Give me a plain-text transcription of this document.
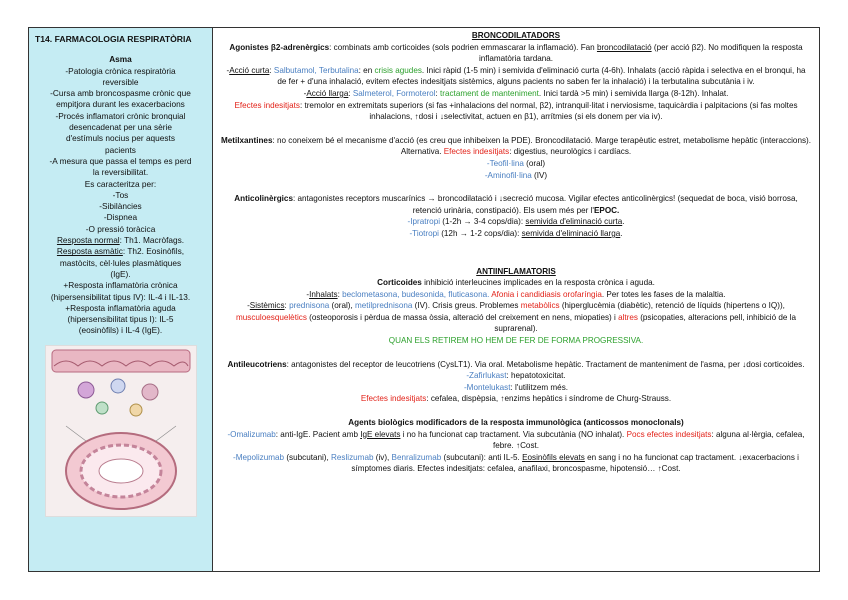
T14. FARMACOLOGIA RESPIRATÒRIA
Asma
-Patologia crònica respiratòria
reversible
-Cursa amb broncospasme crònic que
empitjora durant les exacerbacions
-Procés inflamatori crònic bronquial
desencadenat per una sèrie
d'estímuls nocius per aquests
pacients
-A mesura que passa el temps es perd
la reversibilitat.
Es caracteritza per:
-Tos
-Sibilàncies
-Dispnea
-O pressió toràcica
Resposta normal: Th1. Macròfags.
Resposta asmàtic: Th2. Eosinòfils,
mastòcits, cèl·lules plasmàtiques
(IgE).
+Resposta inflamatòria crònica
(hipersensibilitat tipus IV): IL-4 i IL-13.
+Resposta inflamatòria aguda
(hipersensibilitat tipus I): IL-5
(eosinòfils) i IL-4 (IgE).

BRONCODILATADORS

Agonistes β2-adrenèrgics: combinats amb corticoides (sols podrien emmascarar la inflamació). Fan broncodilatació (per acció β2). No modifiquen la resposta inflamatòria tardana.

-Acció curta: Salbutamol, Terbutalina: en crisis agudes. Inici ràpid (1-5 min) i semivida d'eliminació curta (4-6h). Inhalats (acció ràpida i selectiva en el bronqui, ha de fer + d'una inhalació, evitem efectes indesitjats sistèmics, alguns pacients no saben fer la inhalació) i la terbutalina subcutània i iv.

-Acció llarga: Salmeterol, Formoterol: tractament de manteniment. Inici tardà >5 min) i semivida llarga (8-12h). Inhalat.

Efectes indesitjats: tremolor en extremitats superiors (si fas +inhalacions del normal, β2), intranquil·litat i nerviosisme, taquicàrdia i palpitacions (si fas moltes inhalacions, ↑dosi i ↓selectivitat, actuen en β1), arrítmies (si els donem per via iv).

Metilxantines: no coneixem bé el mecanisme d'acció (es creu que inhibeixen la PDE). Broncodilatació. Marge terapèutic estret, metabolisme hepàtic (interaccions). Alternativa. Efectes indesitjats: digestius, neurològics i cardíacs.

-Teofil·lina (oral)

-Aminofil·lina (IV)

Anticolinèrgics: antagonistes receptors muscarínics → broncodilatació i ↓secreció mucosa. Vigilar efectes anticolinèrgics! (sequedat de boca, visió borrosa, retenció urinària, constipació). Els usem més per l'EPOC.

-Ipratropi (1-2h → 3-4 cops/dia): semivida d'eliminació curta.

-Tiotropi (12h → 1-2 cops/dia): semivida d'eliminació llarga.

ANTIINFLAMATORIS

Corticoides inhibició interleucines implicades en la resposta crònica i aguda.

-Inhalats: beclometasona, budesonida, fluticasona. Afonia i candidiasis orofaríngia. Per totes les fases de la malaltia.

-Sistèmics: prednisona (oral), metilprednisona (IV). Crisis greus. Problemes metabòlics (hiperglucèmia (diabètic), retenció de líquids (hipertens o IQ)), musculoesquelètics (osteoporosis i pèrdua de massa òssia, alteració del creixement en nens, miopaties) i altres (psicopaties, alteracions pell, inhibició de la suprarenal).

QUAN ELS RETIREM HO HEM DE FER DE FORMA PROGRESSIVA.

Antileucotriens: antagonistes del receptor de leucotriens (CysLT1). Via oral. Metabolisme hepàtic. Tractament de manteniment de l'asma, per ↓dosi corticoides.

-Zafirlukast: hepatotoxicitat.

-Montelukast: l'utilitzem més.

Efectes indesitjats: cefalea, dispèpsia, ↑enzims hepàtics i síndrome de Churg-Strauss.

Agents biològics modificadors de la resposta immunològica (anticossos monoclonals)

-Omalizumab: anti-IgE. Pacient amb IgE elevats i no ha funcionat cap tractament. Via subcutània (NO inhalat). Pocs efectes indesitjats: alguna al·lèrgia, cefalea, febre. ↑Cost.

-Mepolizumab (subcutani), Reslizumab (iv), Benralizumab (subcutani): anti IL-5. Eosinòfils elevats en sang i no ha funcionat cap tractament. ↓exacerbacions i símptomes diaris. Efectes indesitjats: cefalea, anafilaxi, broncospasme, hipotensió… ↑Cost.
